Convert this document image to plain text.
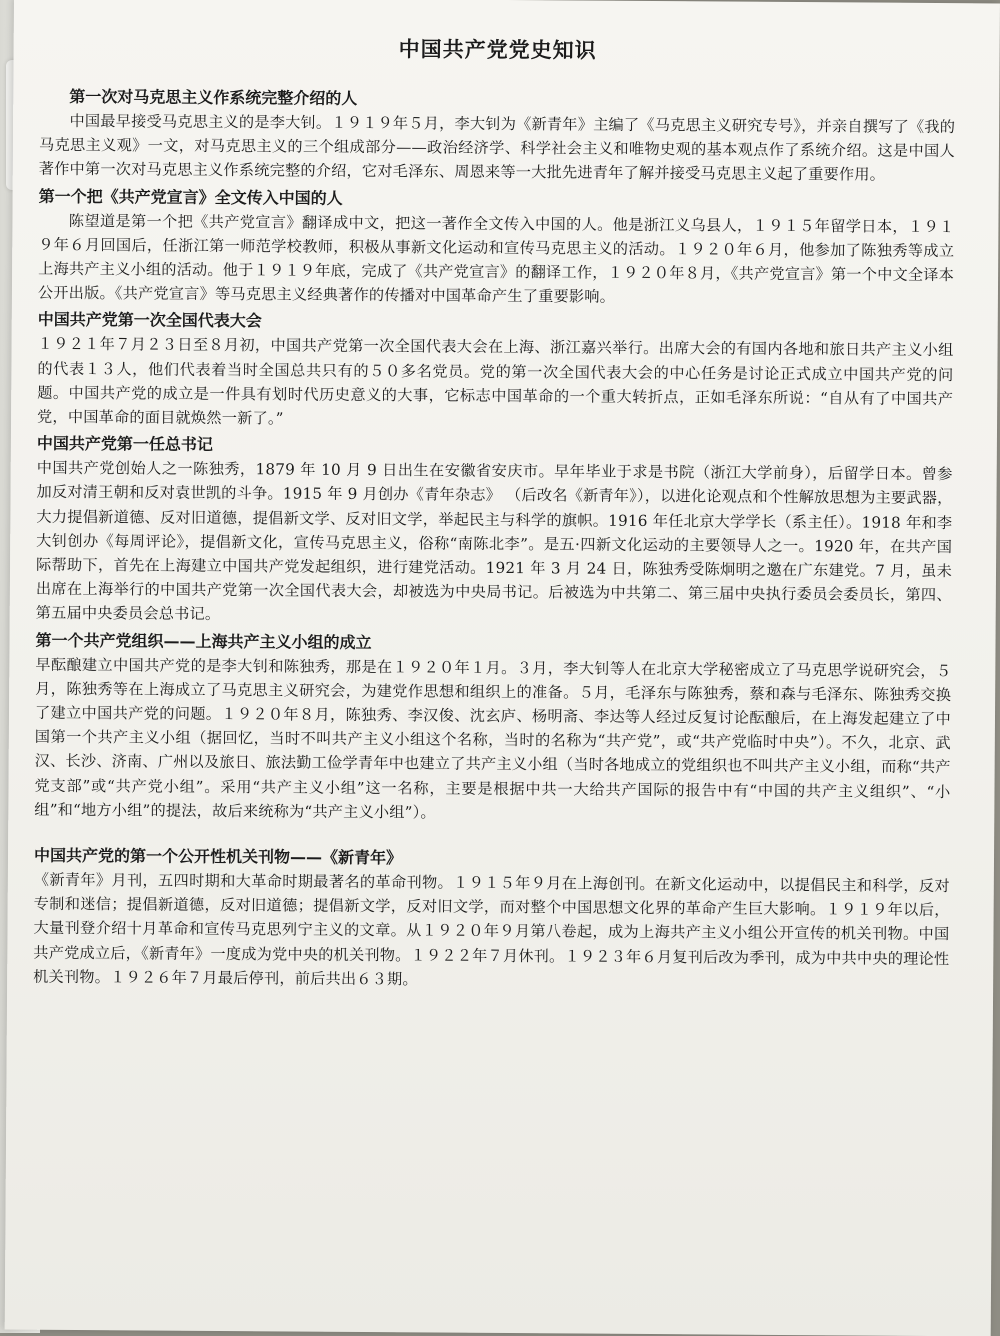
中国共产党党史知识

第一次对马克思主义作系统完整介绍的人

中国最早接受马克思主义的是李大钊。１９１９年５月，李大钊为《新青年》主编了《马克思主义研究专号》，并亲自撰写了《我的马克思主义观》一文，对马克思主义的三个组成部分——政治经济学、科学社会主义和唯物史观的基本观点作了系统介绍。这是中国人著作中第一次对马克思主义作系统完整的介绍，它对毛泽东、周恩来等一大批先进青年了解并接受马克思主义起了重要作用。

第一个把《共产党宣言》全文传入中国的人

陈望道是第一个把《共产党宣言》翻译成中文，把这一著作全文传入中国的人。他是浙江义乌县人，１９１５年留学日本，１９１９年６月回国后，任浙江第一师范学校教师，积极从事新文化运动和宣传马克思主义的活动。１９２０年６月，他参加了陈独秀等成立上海共产主义小组的活动。他于１９１９年底，完成了《共产党宣言》的翻译工作，１９２０年８月，《共产党宣言》第一个中文全译本公开出版。《共产党宣言》等马克思主义经典著作的传播对中国革命产生了重要影响。

中国共产党第一次全国代表大会

１９２１年７月２３日至８月初，中国共产党第一次全国代表大会在上海、浙江嘉兴举行。出席大会的有国内各地和旅日共产主义小组的代表１３人，他们代表着当时全国总共只有的５０多名党员。党的第一次全国代表大会的中心任务是讨论正式成立中国共产党的问题。中国共产党的成立是一件具有划时代历史意义的大事，它标志中国革命的一个重大转折点，正如毛泽东所说：“自从有了中国共产党，中国革命的面目就焕然一新了。”

中国共产党第一任总书记

中国共产党创始人之一陈独秀，1879 年 10 月 9 日出生在安徽省安庆市。早年毕业于求是书院（浙江大学前身），后留学日本。曾参加反对清王朝和反对袁世凯的斗争。1915 年 9 月创办《青年杂志》 （后改名《新青年》），以进化论观点和个性解放思想为主要武器，大力提倡新道德、反对旧道德，提倡新文学、反对旧文学，举起民主与科学的旗帜。1916 年任北京大学学长（系主任）。1918 年和李大钊创办《每周评论》，提倡新文化，宣传马克思主义，俗称“南陈北李”。是五·四新文化运动的主要领导人之一。1920 年，在共产国际帮助下，首先在上海建立中国共产党发起组织，进行建党活动。1921 年 3 月 24 日，陈独秀受陈炯明之邀在广东建党。7 月，虽未出席在上海举行的中国共产党第一次全国代表大会，却被选为中央局书记。后被选为中共第二、第三届中央执行委员会委员长，第四、第五届中央委员会总书记。

第一个共产党组织——上海共产主义小组的成立

早酝酿建立中国共产党的是李大钊和陈独秀，那是在１９２０年１月。３月，李大钊等人在北京大学秘密成立了马克思学说研究会，５月，陈独秀等在上海成立了马克思主义研究会，为建党作思想和组织上的准备。５月，毛泽东与陈独秀，蔡和森与毛泽东、陈独秀交换了建立中国共产党的问题。１９２０年８月，陈独秀、李汉俊、沈玄庐、杨明斋、李达等人经过反复讨论酝酿后，在上海发起建立了中国第一个共产主义小组（据回忆，当时不叫共产主义小组这个名称，当时的名称为“共产党”，或“共产党临时中央”）。不久，北京、武汉、长沙、济南、广州以及旅日、旅法勤工俭学青年中也建立了共产主义小组（当时各地成立的党组织也不叫共产主义小组，而称“共产党支部”或“共产党小组”。采用“共产主义小组”这一名称，主要是根据中共一大给共产国际的报告中有“中国的共产主义组织”、“小组”和“地方小组”的提法，故后来统称为“共产主义小组”）。

中国共产党的第一个公开性机关刊物——《新青年》

《新青年》月刊，五四时期和大革命时期最著名的革命刊物。１９１５年９月在上海创刊。在新文化运动中，以提倡民主和科学，反对专制和迷信；提倡新道德，反对旧道德；提倡新文学，反对旧文学，而对整个中国思想文化界的革命产生巨大影响。１９１９年以后，大量刊登介绍十月革命和宣传马克思列宁主义的文章。从１９２０年９月第八卷起，成为上海共产主义小组公开宣传的机关刊物。中国共产党成立后，《新青年》一度成为党中央的机关刊物。１９２２年７月休刊。１９２３年６月复刊后改为季刊，成为中共中央的理论性机关刊物。１９２６年７月最后停刊，前后共出６３期。
